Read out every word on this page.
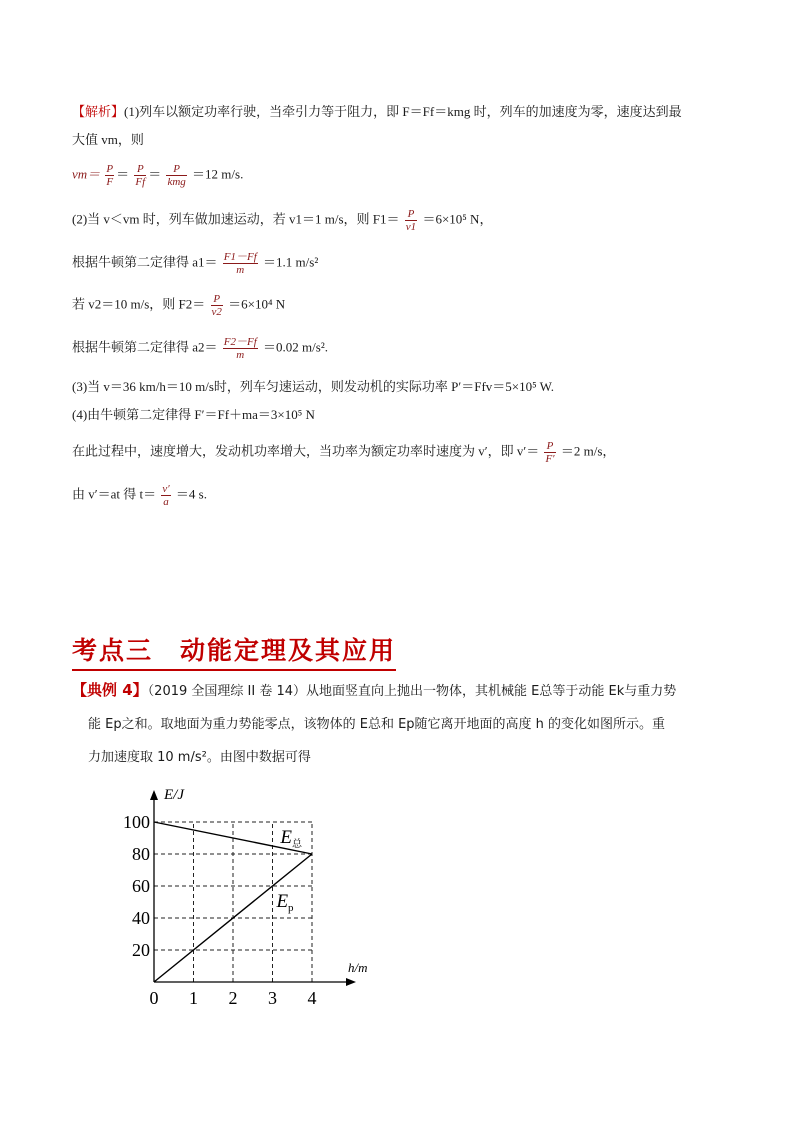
【解析】(1)列车以额定功率行驶，当牵引力等于阻力，即 F＝Ff＝kmg 时，列车的加速度为零，速度达到最
大值 vm，则
$vm= \frac{P}{F} = \frac{P}{Ff} = \frac{P}{\text{kmg}} =12$ m/s.
(2)当 v＜vm 时，列车做加速运动，若 v1＝1 m/s，则 $F1= \frac{P}{v1} =6\times 10^5$ N，
根据牛顿第二定律得 $a1= \frac{F1-Ff}{m} =1.1$ m/s²
若 v2＝10 m/s，则 $F2= \frac{P}{v2} =6\times 10^4$ N
根据牛顿第二定律得 $a2= \frac{F2-Ff}{m} =0.02$ m/s².
(3)当 v＝36 km/h＝10 m/s时，列车匀速运动，则发动机的实际功率 P′＝Ffv＝5×10⁵ W.
(4)由牛顿第二定律得 F′＝Ff＋ma＝3×10⁵ N
在此过程中，速度增大，发动机功率增大，当功率为额定功率时速度为 v′，即 $v'= \frac{P}{F'} =2$ m/s，
由 v′＝at 得 $t= \frac{v'}{a} =4$ s.
考点三　动能定理及其应用
【典例 4】（2019 全国理综 II 卷 14）从地面竖直向上抛出一物体，其机械能 E总等于动能 Ek与重力势
能 Ep之和。取地面为重力势能零点，该物体的 E总和 Ep随它离开地面的高度 h 的变化如图所示。重
力加速度取 10 m/s²。由图中数据可得
20
40
60
80
100
0 1 2 3 4
E/J
h/m
$E_总$
$E_p$
